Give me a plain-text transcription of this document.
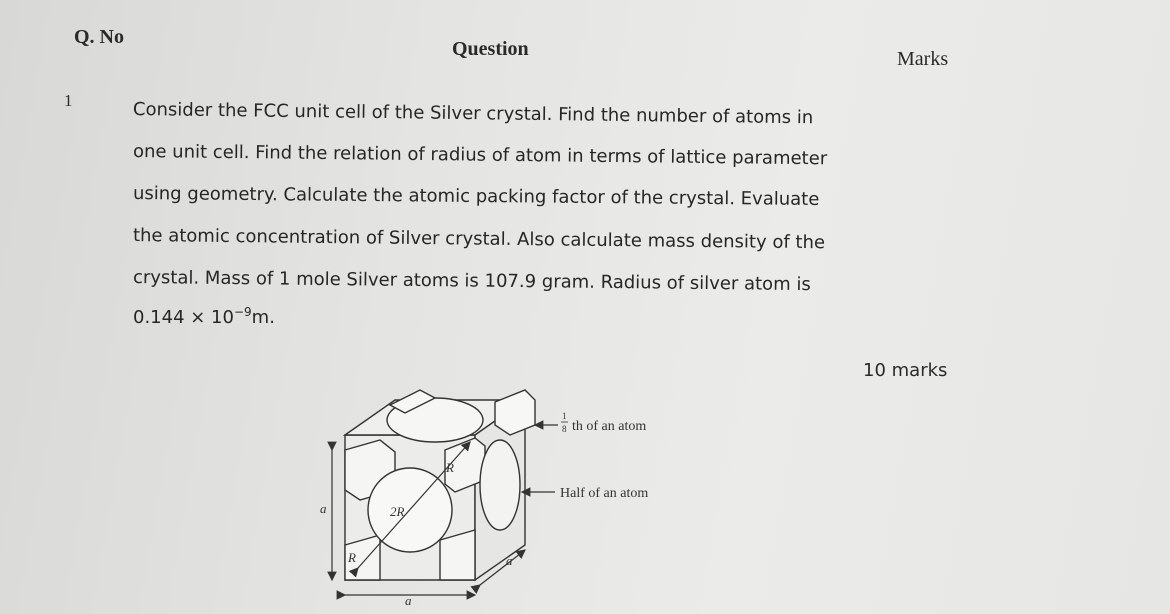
Q. No
Question	Marks
1	Consider the FCC unit cell of the Silver crystal. Find the number of atoms in
one unit cell. Find the relation of radius of atom in terms of lattice parameter
using geometry. Calculate the atomic packing factor of the crystal. Evaluate
the atomic concentration of Silver crystal. Also calculate mass density of the
crystal. Mass of 1 mole Silver atoms is 107.9 gram. Radius of silver atom is
$0.144 \times 10^{-9}m$.
10 marks
1
8 th of an atom
Half of an atom
2R
R
R
a
a
a
